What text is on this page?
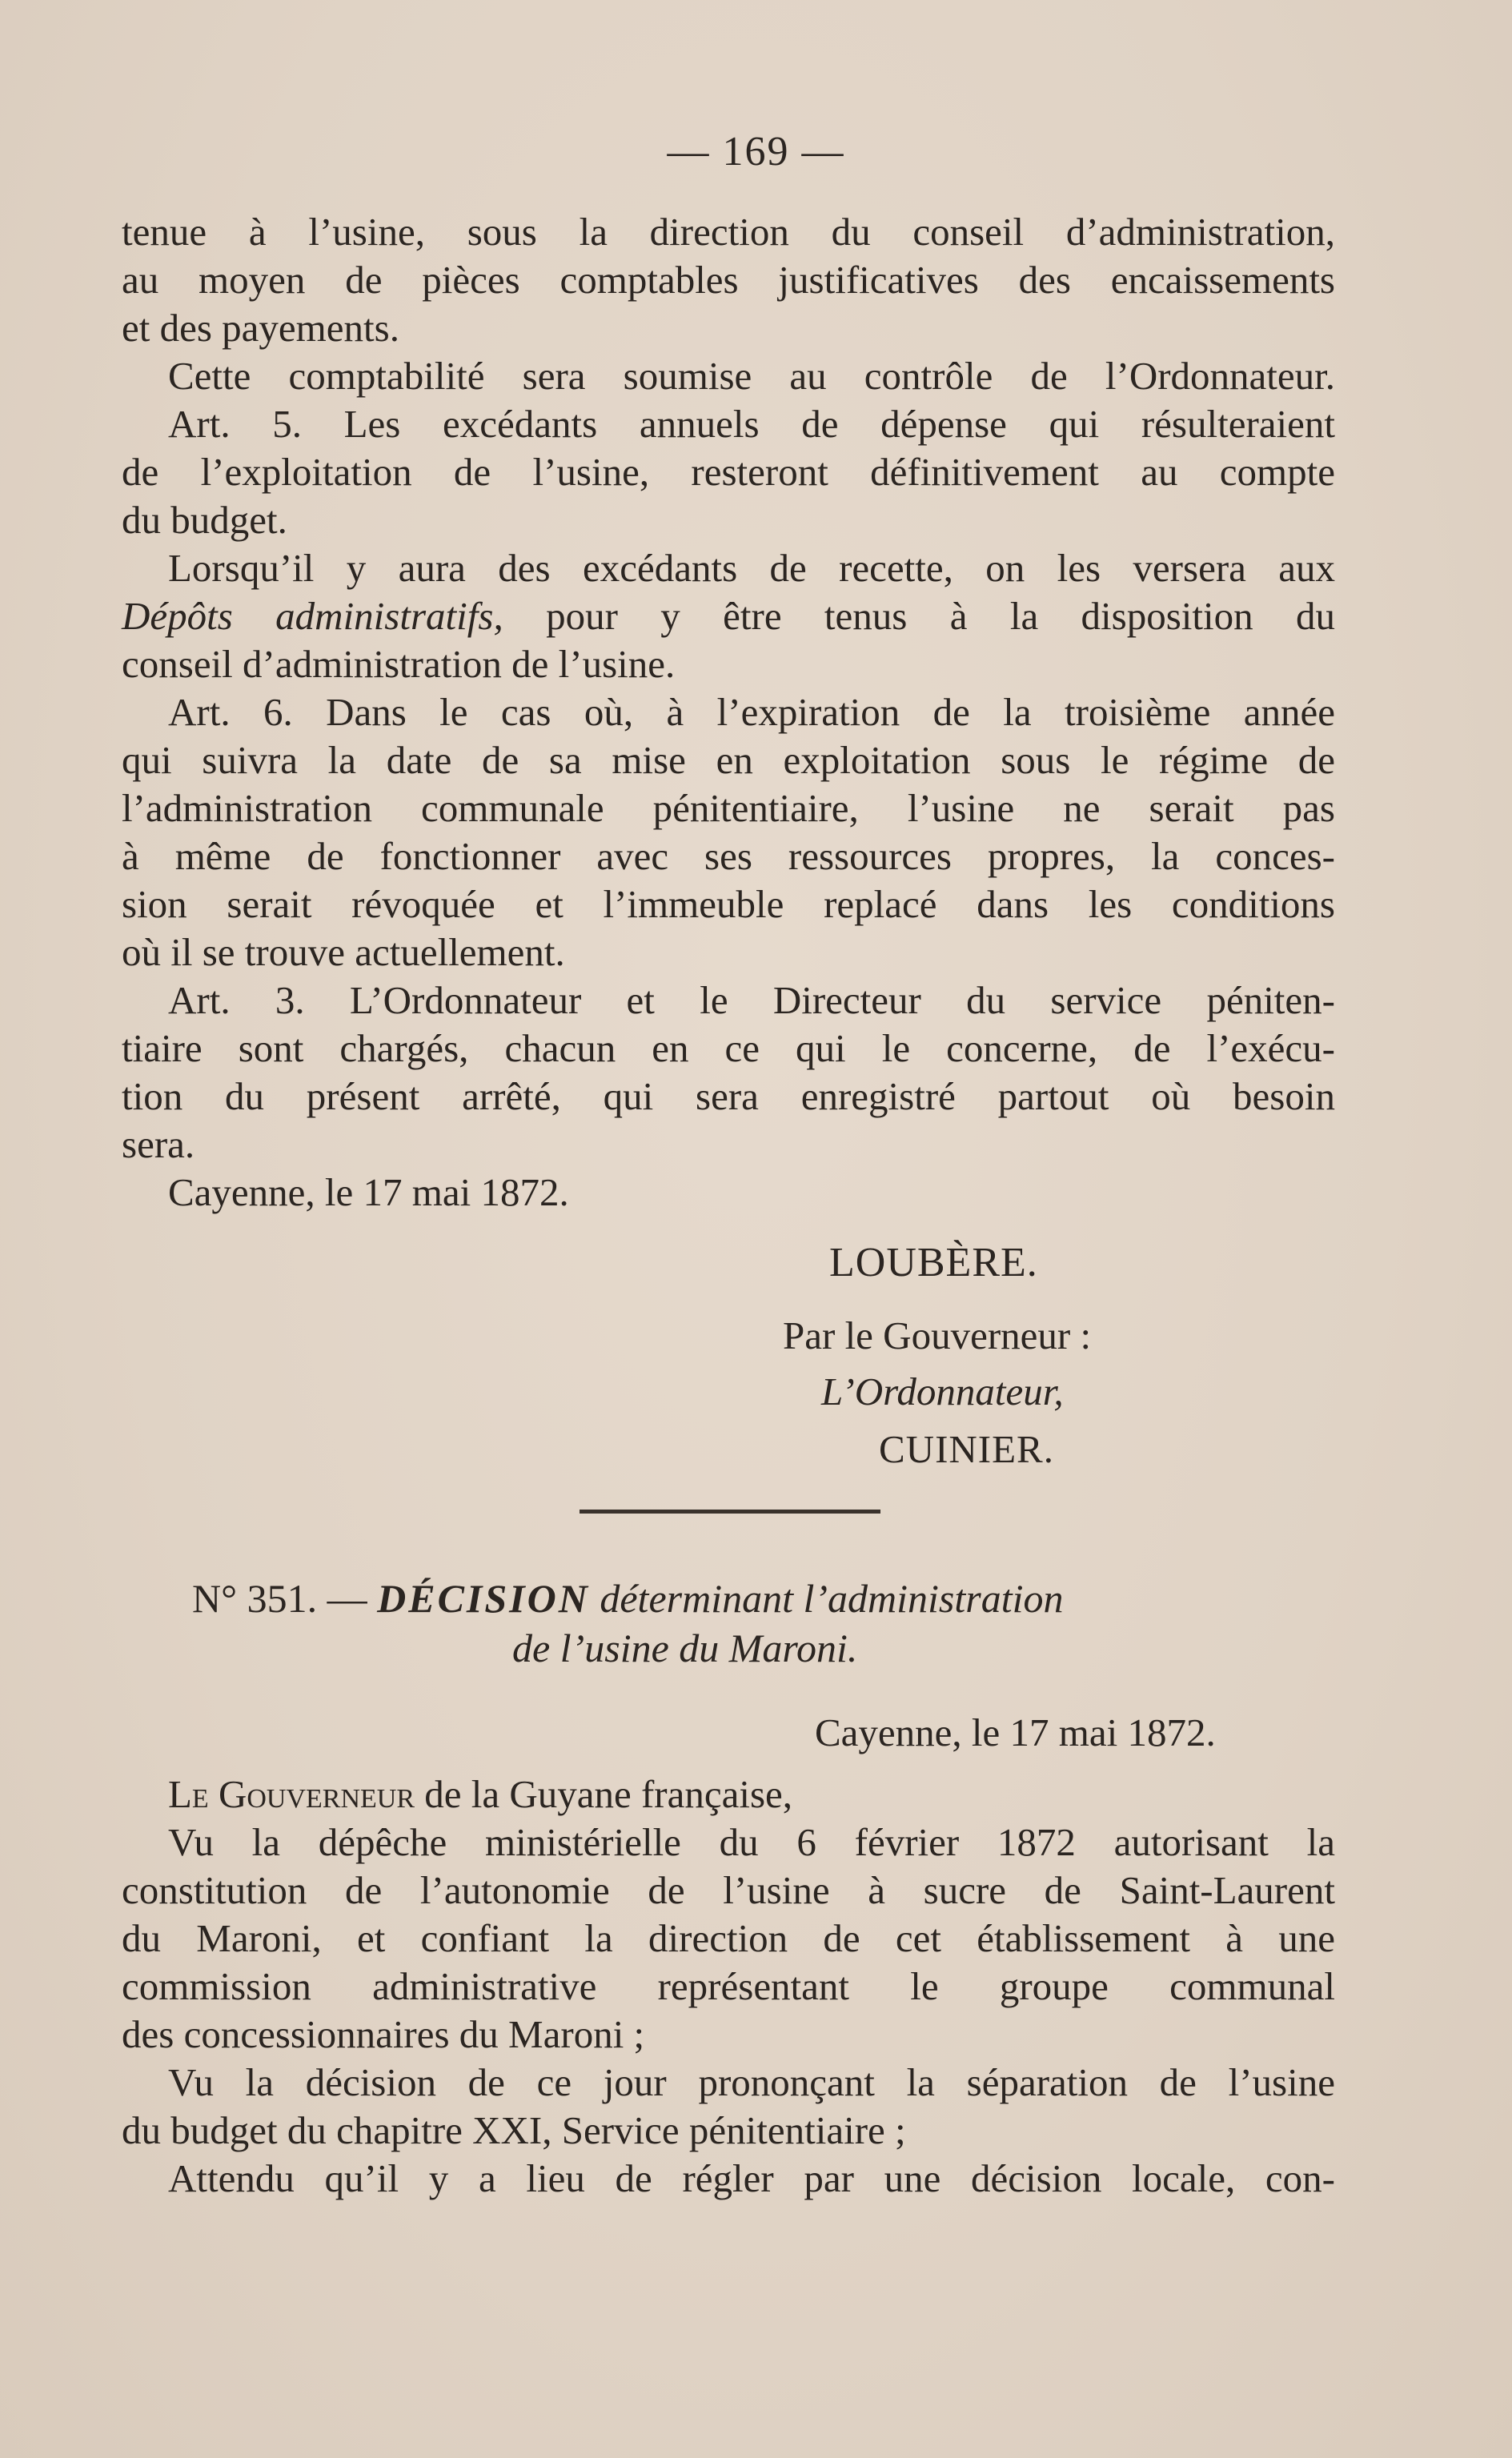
— 169 —
tenue à l’usine, sous la direction du conseil d’administration,
au moyen de pièces comptables justificatives des encaissements
et des payements.
Cette comptabilité sera soumise au contrôle de l’Ordonnateur.
Art. 5. Les excédants annuels de dépense qui résulteraient
de l’exploitation de l’usine, resteront définitivement au compte
du budget.
Lorsqu’il y aura des excédants de recette, on les versera aux
Dépôts administratifs, pour y être tenus à la disposition du
conseil d’administration de l’usine.
Art. 6. Dans le cas où, à l’expiration de la troisième année
qui suivra la date de sa mise en exploitation sous le régime de
l’administration communale pénitentiaire, l’usine ne serait pas
à même de fonctionner avec ses ressources propres, la conces-
sion serait révoquée et l’immeuble replacé dans les conditions
où il se trouve actuellement.
Art. 3. L’Ordonnateur et le Directeur du service péniten-
tiaire sont chargés, chacun en ce qui le concerne, de l’exécu-
tion du présent arrêté, qui sera enregistré partout où besoin
sera.
Cayenne, le 17 mai 1872.
LOUBÈRE.
Par le Gouverneur :
L’Ordonnateur,
CUINIER.
N° 351. — DÉCISION déterminant l’administration
de l’usine du Maroni.
Cayenne, le 17 mai 1872.
Le Gouverneur de la Guyane française,
Vu la dépêche ministérielle du 6 février 1872 autorisant la
constitution de l’autonomie de l’usine à sucre de Saint-Laurent
du Maroni, et confiant la direction de cet établissement à une
commission administrative représentant le groupe communal
des concessionnaires du Maroni ;
Vu la décision de ce jour prononçant la séparation de l’usine
du budget du chapitre XXI, Service pénitentiaire ;
Attendu qu’il y a lieu de régler par une décision locale, con-
